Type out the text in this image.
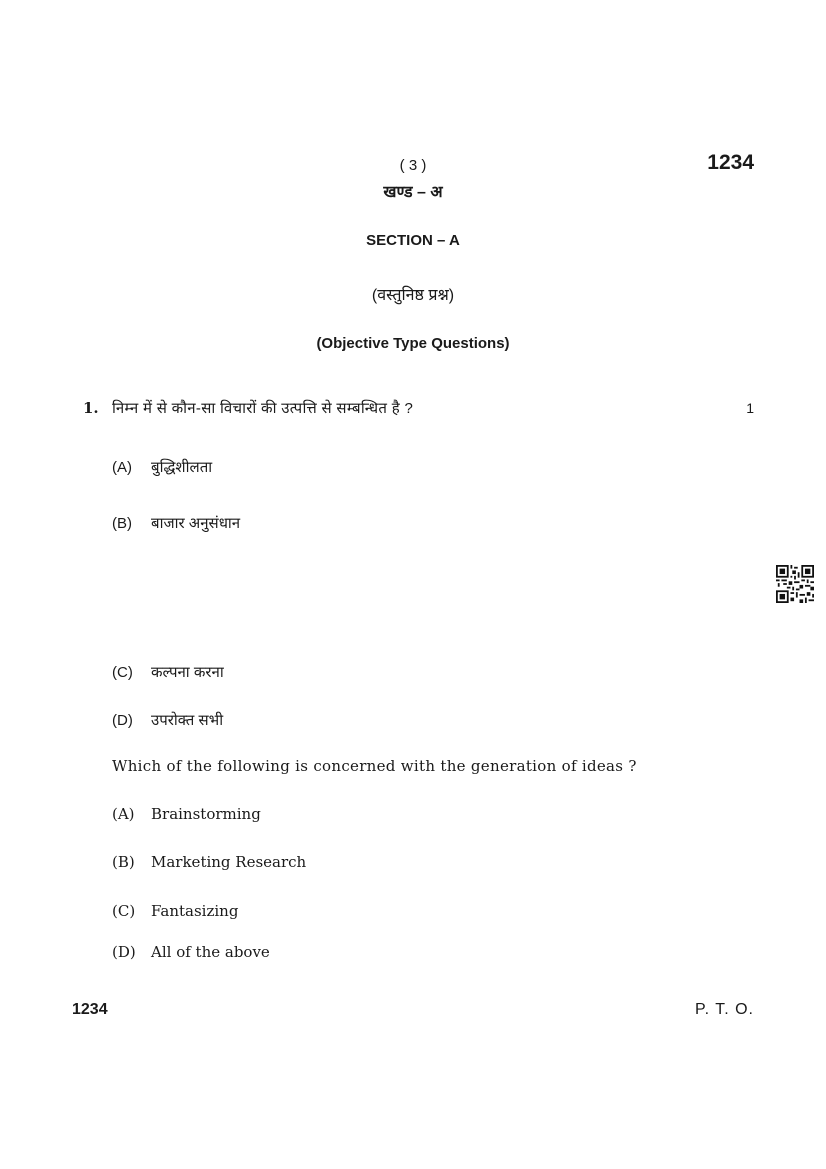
( 3 )	1234
खण्ड – अ
SECTION – A
(वस्तुनिष्ठ प्रश्न)
(Objective Type Questions)
1. निम्न में से कौन-सा विचारों की उत्पत्ति से सम्बन्धित है ?	1
(A) बुद्धिशीलता
(B) बाजार अनुसंधान
(C) कल्पना करना
(D) उपरोक्त सभी
Which of the following is concerned with the generation of ideas ?
(A) Brainstorming
(B) Marketing Research
(C) Fantasizing
(D) All of the above
1234	P. T. O.
